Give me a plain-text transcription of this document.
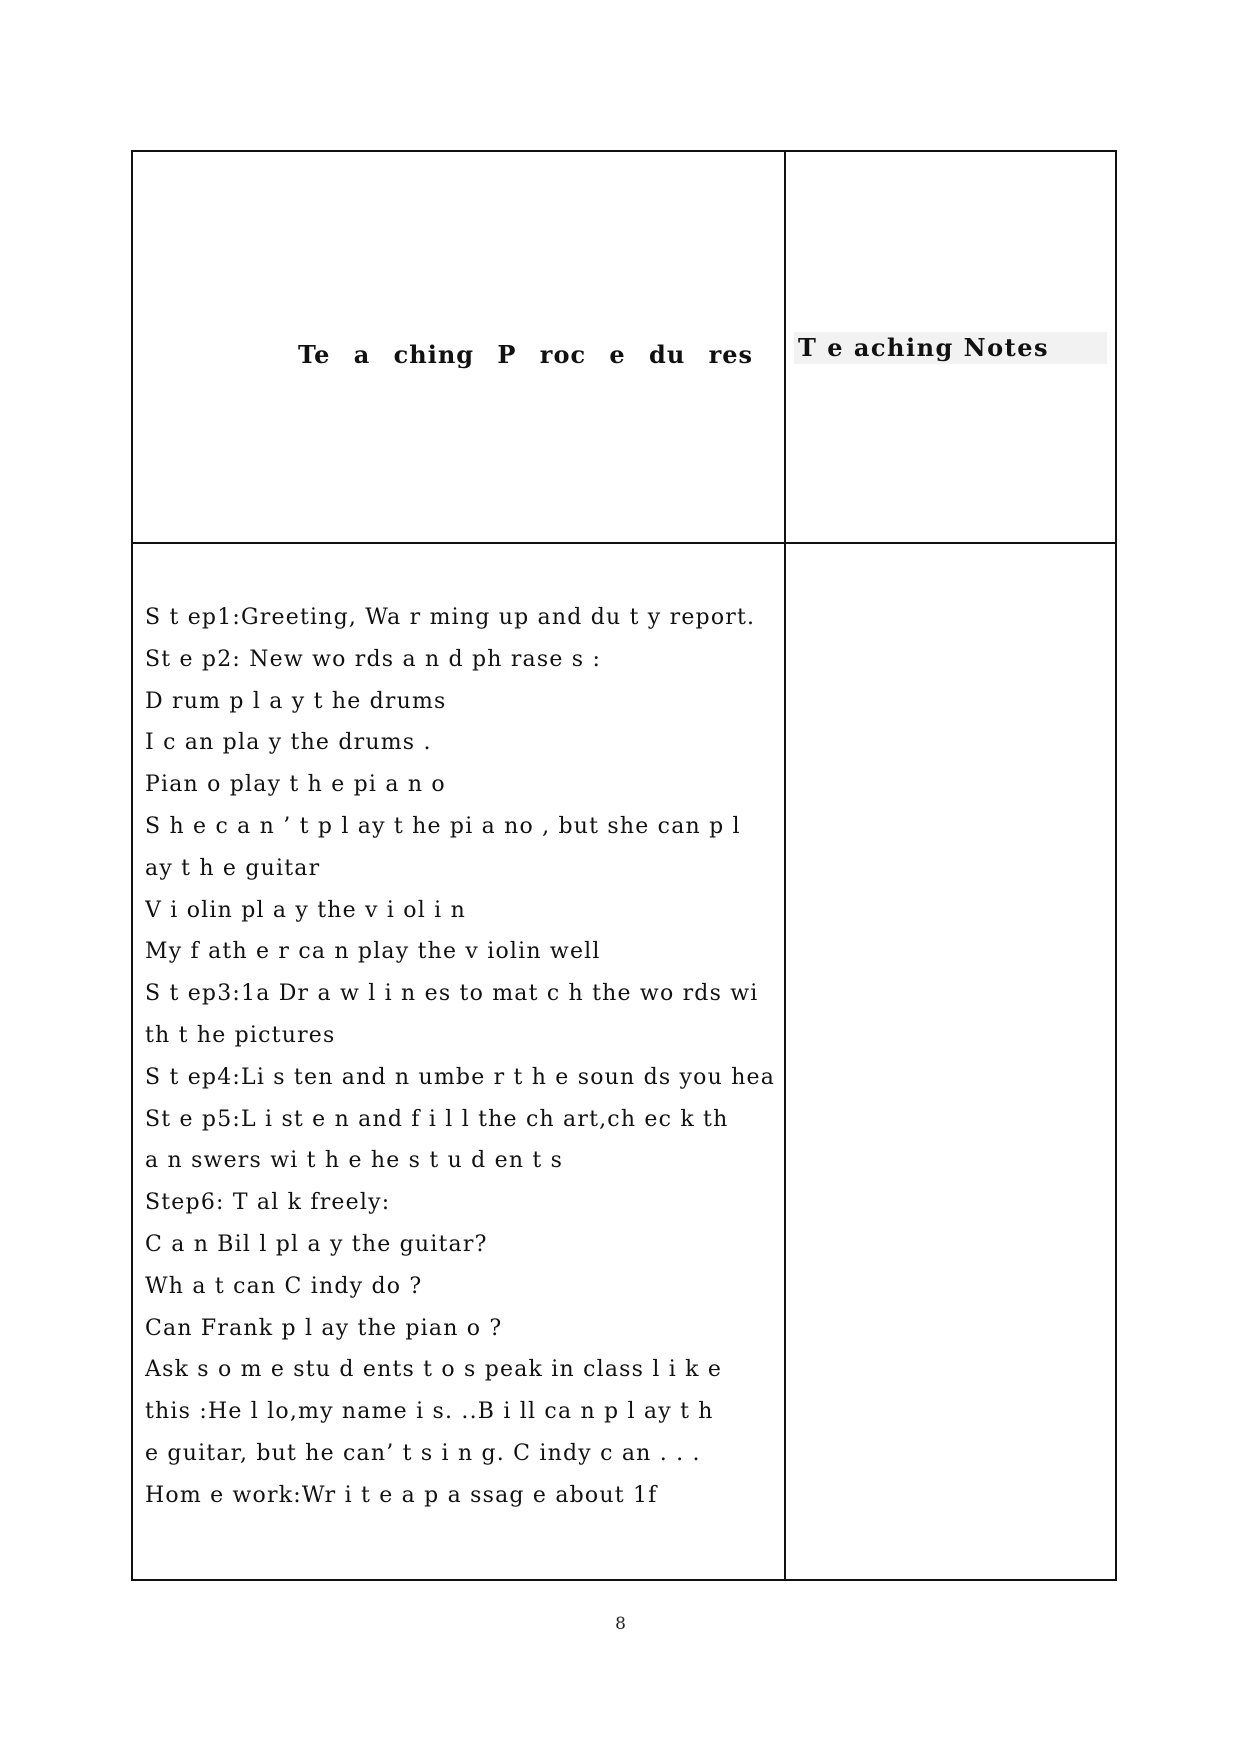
Te a ching P roc e du res T e aching Notes
S t ep1:Greeting, Wa r ming up and du t y report.
St e p2: New wo rds a n d ph rase s :
D rum p l a y t he drums
I c an pla y the drums .
Pian o play t h e pi a n o
S h e c a n ’ t p l ay t he pi a no , but she can p l
ay t h e guitar
V i olin pl a y the v i ol i n
My f ath e r ca n play the v iolin well
S t ep3:1a Dr a w l i n es to mat c h the wo rds wi
th t he pictures
S t ep4:Li s ten and n umbe r t h e soun ds you hea
St e p5:L i st e n and f i l l the ch art,ch ec k th
a n swers wi t h e he s t u d en t s
Step6: T al k freely:
C a n Bil l pl a y the guitar?
Wh a t can C indy do ?
Can Frank p l ay the pian o ?
Ask s o m e stu d ents t o s peak in class l i k e
this :He l lo,my name i s. ..B i ll ca n p l ay t h
e guitar, but he can’ t s i n g. C indy c an . . .
Hom e work:Wr i t e a p a ssag e about 1f
8
